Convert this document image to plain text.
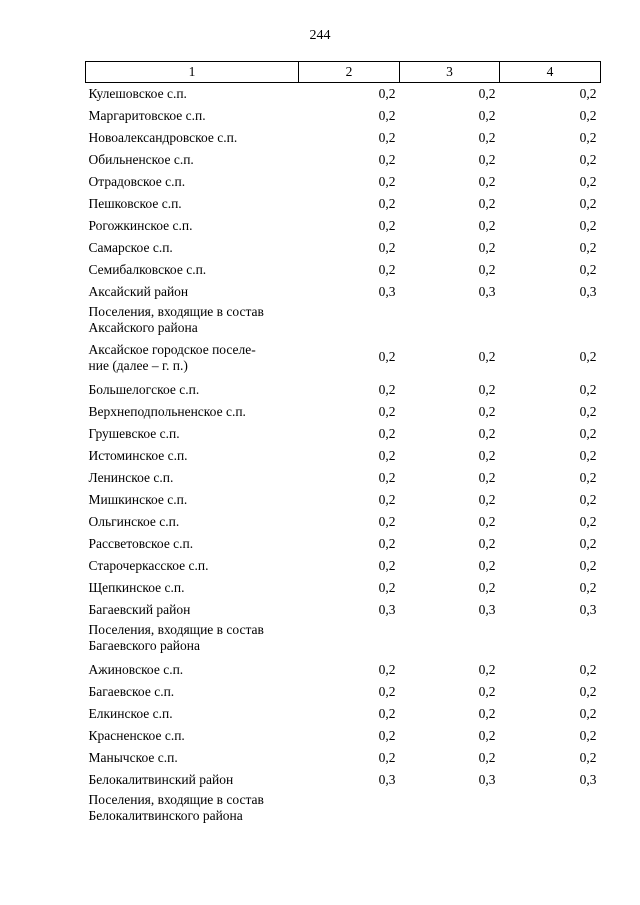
244
1	2	3	4
Кулешовское с.п.	0,2	0,2	0,2
Маргаритовское с.п.	0,2	0,2	0,2
Новоалександровское с.п.	0,2	0,2	0,2
Обильненское с.п.	0,2	0,2	0,2
Отрадовское с.п.	0,2	0,2	0,2
Пешковское с.п.	0,2	0,2	0,2
Рогожкинское с.п.	0,2	0,2	0,2
Самарское с.п.	0,2	0,2	0,2
Семибалковское с.п.	0,2	0,2	0,2
Аксайский район	0,3	0,3	0,3
Поселения, входящие в состав
Аксайского района			
Аксайское городское поселе-
ние (далее – г. п.)	0,2	0,2	0,2
Большелогское с.п.	0,2	0,2	0,2
Верхнеподпольненское с.п.	0,2	0,2	0,2
Грушевское с.п.	0,2	0,2	0,2
Истоминское с.п.	0,2	0,2	0,2
Ленинское с.п.	0,2	0,2	0,2
Мишкинское с.п.	0,2	0,2	0,2
Ольгинское с.п.	0,2	0,2	0,2
Рассветовское с.п.	0,2	0,2	0,2
Старочеркасское с.п.	0,2	0,2	0,2
Щепкинское с.п.	0,2	0,2	0,2
Багаевский район	0,3	0,3	0,3
Поселения, входящие в состав
Багаевского района			
Ажиновское с.п.	0,2	0,2	0,2
Багаевское с.п.	0,2	0,2	0,2
Елкинское с.п.	0,2	0,2	0,2
Красненское с.п.	0,2	0,2	0,2
Манычское с.п.	0,2	0,2	0,2
Белокалитвинский район	0,3	0,3	0,3
Поселения, входящие в состав
Белокалитвинского района			
